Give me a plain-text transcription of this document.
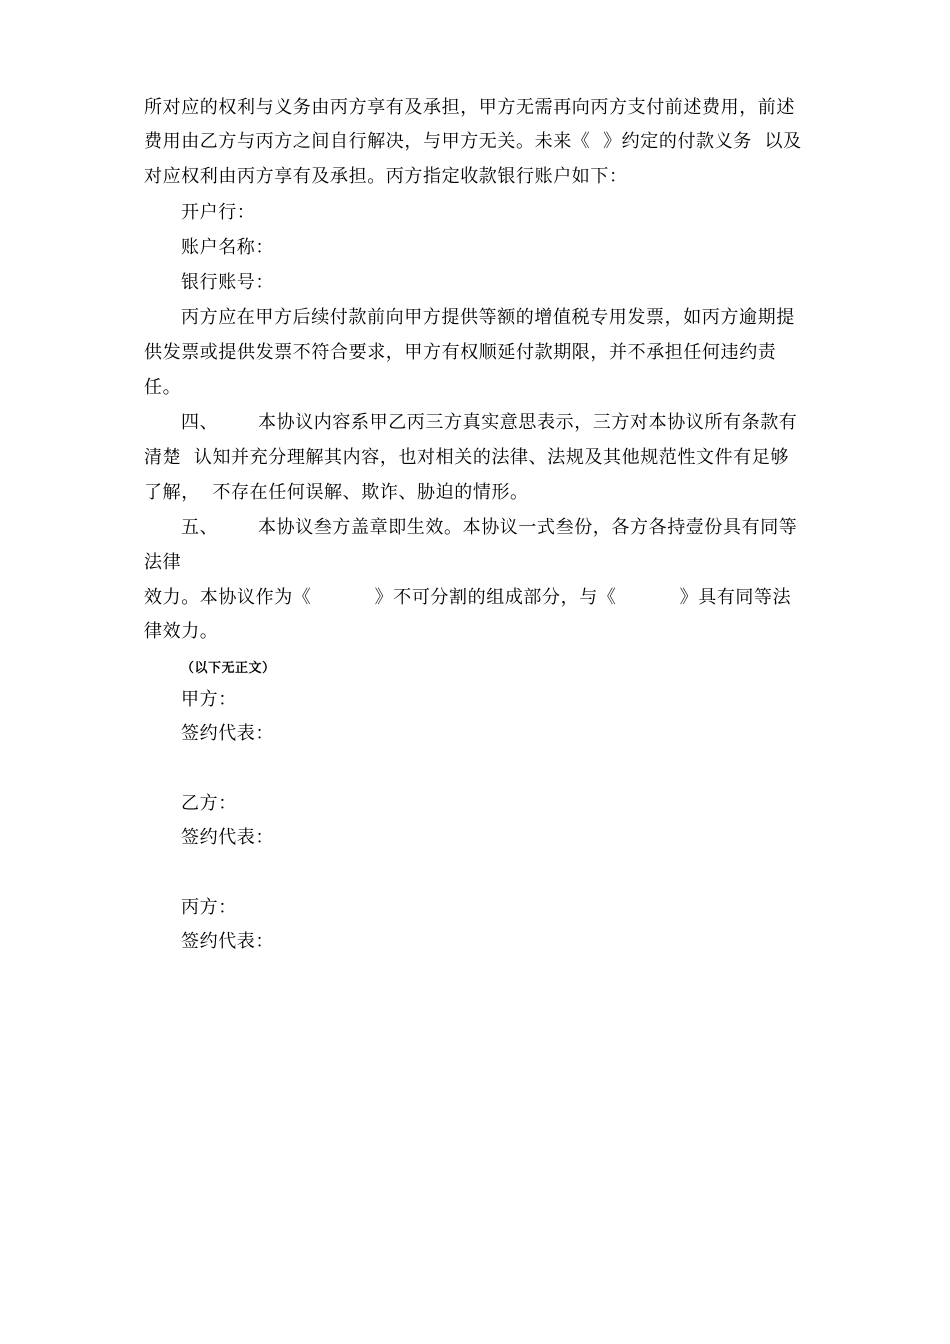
所对应的权利与义务由丙方享有及承担，甲方无需再向丙方支付前述费用，前述
费用由乙方与丙方之间自行解决，与甲方无关。未来《  》约定的付款义务  以及
对应权利由丙方享有及承担。丙方指定收款银行账户如下：
开户行：
账户名称：
银行账号：
丙方应在甲方后续付款前向甲方提供等额的增值税专用发票，如丙方逾期提
供发票或提供发票不符合要求，甲方有权顺延付款期限，并不承担任何违约责
任。
四、 本协议内容系甲乙丙三方真实意思表示，三方对本协议所有条款有
清楚  认知并充分理解其内容，也对相关的法律、法规及其他规范性文件有足够
了解，  不存在任何误解、欺诈、胁迫的情形。
五、 本协议叁方盖章即生效。本协议一式叁份，各方各持壹份具有同等
法律
效力。本协议作为《          》不可分割的组成部分，与《          》具有同等法
律效力。
（以下无正文）
甲方：
签约代表：
乙方：
签约代表：
丙方：
签约代表：
